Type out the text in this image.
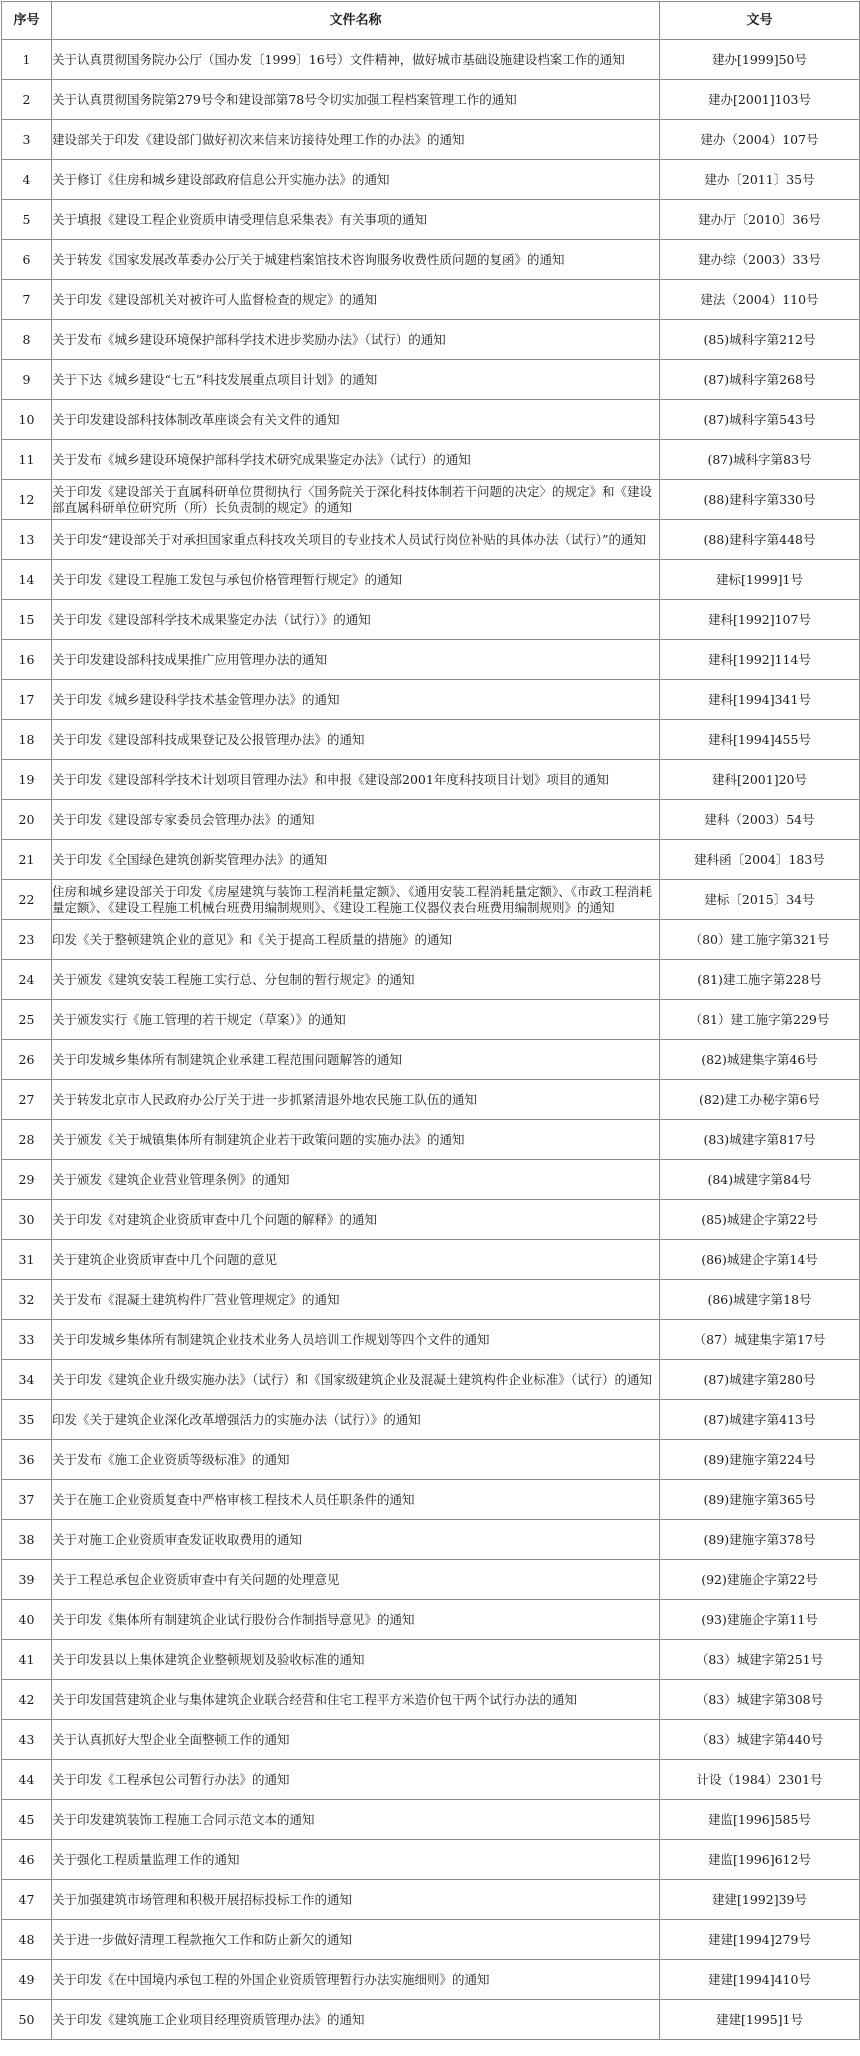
序号	文件名称	文号
1	关于认真贯彻国务院办公厅（国办发〔1999〕16号）文件精神，做好城市基础设施建设档案工作的通知	建办[1999]50号
2	关于认真贯彻国务院第279号令和建设部第78号令切实加强工程档案管理工作的通知	建办[2001]103号
3	建设部关于印发《建设部门做好初次来信来访接待处理工作的办法》的通知	建办（2004）107号
4	关于修订《住房和城乡建设部政府信息公开实施办法》的通知	建办〔2011〕35号
5	关于填报《建设工程企业资质申请受理信息采集表》有关事项的通知	建办厅〔2010〕36号
6	关于转发《国家发展改革委办公厅关于城建档案馆技术咨询服务收费性质问题的复函》的通知	建办综（2003）33号
7	关于印发《建设部机关对被许可人监督检查的规定》的通知	建法（2004）110号
8	关于发布《城乡建设环境保护部科学技术进步奖励办法》（试行）的通知	(85)城科字第212号
9	关于下达《城乡建设“七五”科技发展重点项目计划》的通知	(87)城科字第268号
10	关于印发建设部科技体制改革座谈会有关文件的通知	(87)城科字第543号
11	关于发布《城乡建设环境保护部科学技术研究成果鉴定办法》（试行）的通知	(87)城科字第83号
12	关于印发《建设部关于直属科研单位贯彻执行〈国务院关于深化科技体制若干问题的决定〉的规定》和《建设部直属科研单位研究所（所）长负责制的规定》的通知	(88)建科字第330号
13	关于印发“建设部关于对承担国家重点科技攻关项目的专业技术人员试行岗位补贴的具体办法（试行）”的通知	(88)建科字第448号
14	关于印发《建设工程施工发包与承包价格管理暂行规定》的通知	建标[1999]1号
15	关于印发《建设部科学技术成果鉴定办法（试行）》的通知	建科[1992]107号
16	关于印发建设部科技成果推广应用管理办法的通知	建科[1992]114号
17	关于印发《城乡建设科学技术基金管理办法》的通知	建科[1994]341号
18	关于印发《建设部科技成果登记及公报管理办法》的通知	建科[1994]455号
19	关于印发《建设部科学技术计划项目管理办法》和申报《建设部2001年度科技项目计划》项目的通知	建科[2001]20号
20	关于印发《建设部专家委员会管理办法》的通知	建科（2003）54号
21	关于印发《全国绿色建筑创新奖管理办法》的通知	建科函〔2004〕183号
22	住房和城乡建设部关于印发《房屋建筑与装饰工程消耗量定额》、《通用安装工程消耗量定额》、《市政工程消耗量定额》、《建设工程施工机械台班费用编制规则》、《建设工程施工仪器仪表台班费用编制规则》的通知	建标〔2015〕34号
23	印发《关于整顿建筑企业的意见》和《关于提高工程质量的措施》的通知	（80）建工施字第321号
24	关于颁发《建筑安装工程施工实行总、分包制的暂行规定》的通知	(81)建工施字第228号
25	关于颁发实行《施工管理的若干规定（草案）》的通知	（81）建工施字第229号
26	关于印发城乡集体所有制建筑企业承建工程范围问题解答的通知	(82)城建集字第46号
27	关于转发北京市人民政府办公厅关于进一步抓紧清退外地农民施工队伍的通知	(82)建工办秘字第6号
28	关于颁发《关于城镇集体所有制建筑企业若干政策问题的实施办法》的通知	(83)城建字第817号
29	关于颁发《建筑企业营业管理条例》的通知	(84)城建字第84号
30	关于印发《对建筑企业资质审查中几个问题的解释》的通知	(85)城建企字第22号
31	关于建筑企业资质审查中几个问题的意见	(86)城建企字第14号
32	关于发布《混凝土建筑构件厂营业管理规定》的通知	(86)城建字第18号
33	关于印发城乡集体所有制建筑企业技术业务人员培训工作规划等四个文件的通知	（87）城建集字第17号
34	关于印发《建筑企业升级实施办法》（试行）和《国家级建筑企业及混凝土建筑构件企业标准》（试行）的通知	(87)城建字第280号
35	印发《关于建筑企业深化改革增强活力的实施办法（试行）》的通知	(87)城建字第413号
36	关于发布《施工企业资质等级标准》的通知	(89)建施字第224号
37	关于在施工企业资质复查中严格审核工程技术人员任职条件的通知	(89)建施字第365号
38	关于对施工企业资质审查发证收取费用的通知	(89)建施字第378号
39	关于工程总承包企业资质审查中有关问题的处理意见	(92)建施企字第22号
40	关于印发《集体所有制建筑企业试行股份合作制指导意见》的通知	(93)建施企字第11号
41	关于印发县以上集体建筑企业整顿规划及验收标准的通知	（83）城建字第251号
42	关于印发国营建筑企业与集体建筑企业联合经营和住宅工程平方米造价包干两个试行办法的通知	（83）城建字第308号
43	关于认真抓好大型企业全面整顿工作的通知	（83）城建字第440号
44	关于印发《工程承包公司暂行办法》的通知	计设（1984）2301号
45	关于印发建筑装饰工程施工合同示范文本的通知	建监[1996]585号
46	关于强化工程质量监理工作的通知	建监[1996]612号
47	关于加强建筑市场管理和积极开展招标投标工作的通知	建建[1992]39号
48	关于进一步做好清理工程款拖欠工作和防止新欠的通知	建建[1994]279号
49	关于印发《在中国境内承包工程的外国企业资质管理暂行办法实施细则》的通知	建建[1994]410号
50	关于印发《建筑施工企业项目经理资质管理办法》的通知	建建[1995]1号
